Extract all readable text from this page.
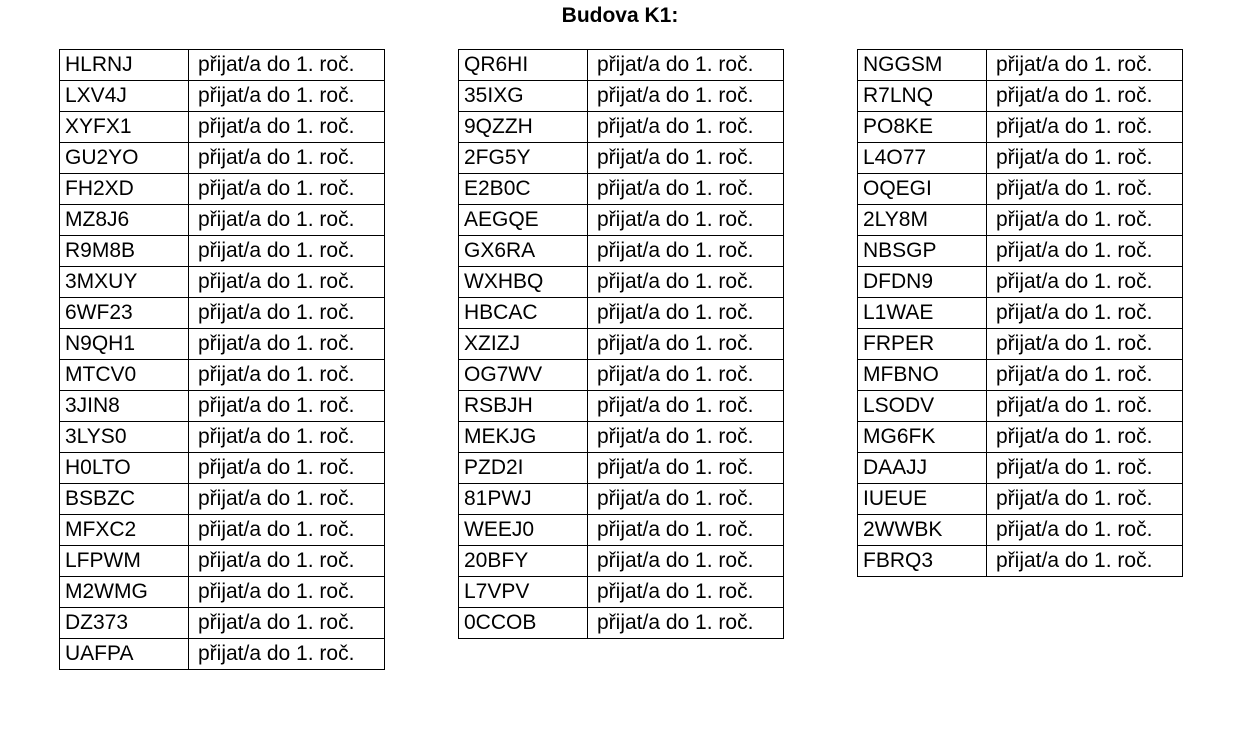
Budova K1:
HLRNJ	přijat/a do 1. roč.
LXV4J	přijat/a do 1. roč.
XYFX1	přijat/a do 1. roč.
GU2YO	přijat/a do 1. roč.
FH2XD	přijat/a do 1. roč.
MZ8J6	přijat/a do 1. roč.
R9M8B	přijat/a do 1. roč.
3MXUY	přijat/a do 1. roč.
6WF23	přijat/a do 1. roč.
N9QH1	přijat/a do 1. roč.
MTCV0	přijat/a do 1. roč.
3JIN8	přijat/a do 1. roč.
3LYS0	přijat/a do 1. roč.
H0LTO	přijat/a do 1. roč.
BSBZC	přijat/a do 1. roč.
MFXC2	přijat/a do 1. roč.
LFPWM	přijat/a do 1. roč.
M2WMG	přijat/a do 1. roč.
DZ373	přijat/a do 1. roč.
UAFPA	přijat/a do 1. roč.
QR6HI	přijat/a do 1. roč.
35IXG	přijat/a do 1. roč.
9QZZH	přijat/a do 1. roč.
2FG5Y	přijat/a do 1. roč.
E2B0C	přijat/a do 1. roč.
AEGQE	přijat/a do 1. roč.
GX6RA	přijat/a do 1. roč.
WXHBQ	přijat/a do 1. roč.
HBCAC	přijat/a do 1. roč.
XZIZJ	přijat/a do 1. roč.
OG7WV	přijat/a do 1. roč.
RSBJH	přijat/a do 1. roč.
MEKJG	přijat/a do 1. roč.
PZD2I	přijat/a do 1. roč.
81PWJ	přijat/a do 1. roč.
WEEJ0	přijat/a do 1. roč.
20BFY	přijat/a do 1. roč.
L7VPV	přijat/a do 1. roč.
0CCOB	přijat/a do 1. roč.
NGGSM	přijat/a do 1. roč.
R7LNQ	přijat/a do 1. roč.
PO8KE	přijat/a do 1. roč.
L4O77	přijat/a do 1. roč.
OQEGI	přijat/a do 1. roč.
2LY8M	přijat/a do 1. roč.
NBSGP	přijat/a do 1. roč.
DFDN9	přijat/a do 1. roč.
L1WAE	přijat/a do 1. roč.
FRPER	přijat/a do 1. roč.
MFBNO	přijat/a do 1. roč.
LSODV	přijat/a do 1. roč.
MG6FK	přijat/a do 1. roč.
DAAJJ	přijat/a do 1. roč.
IUEUE	přijat/a do 1. roč.
2WWBK	přijat/a do 1. roč.
FBRQ3	přijat/a do 1. roč.
